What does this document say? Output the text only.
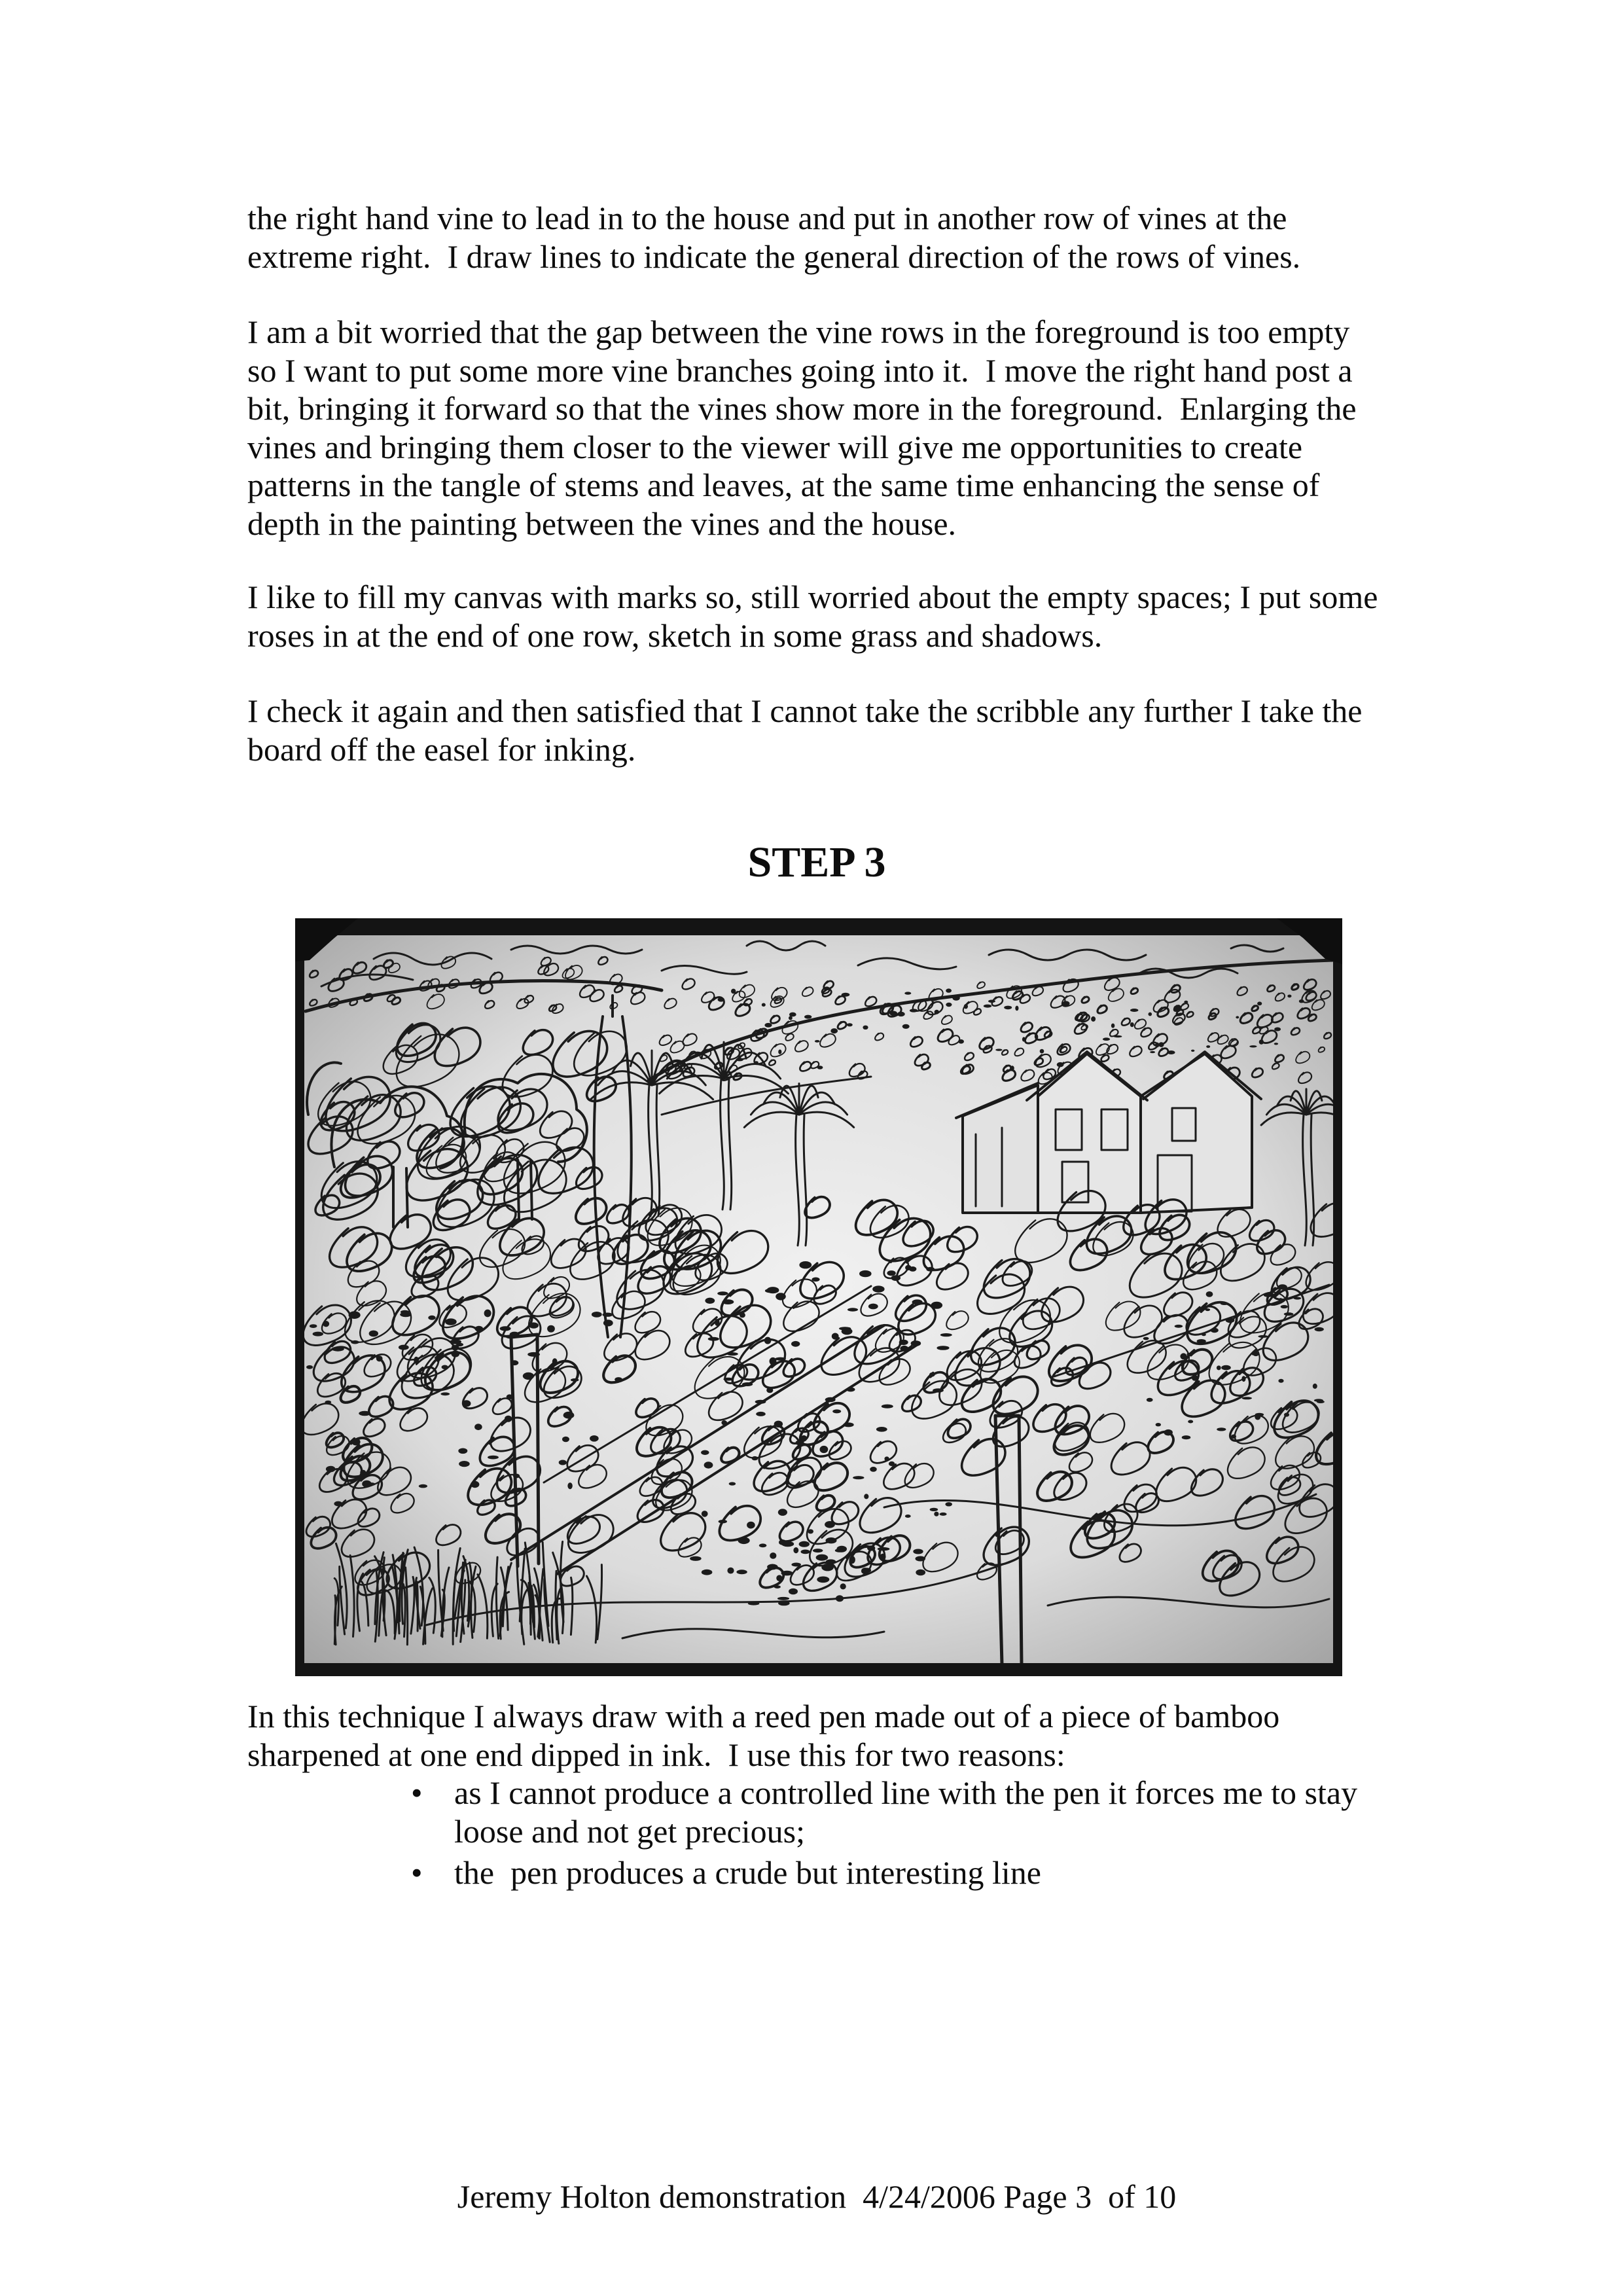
the right hand vine to lead in to the house and put in another row of vines at the
extreme right.  I draw lines to indicate the general direction of the rows of vines.
I am a bit worried that the gap between the vine rows in the foreground is too empty
so I want to put some more vine branches going into it.  I move the right hand post a
bit, bringing it forward so that the vines show more in the foreground.  Enlarging the
vines and bringing them closer to the viewer will give me opportunities to create
patterns in the tangle of stems and leaves, at the same time enhancing the sense of
depth in the painting between the vines and the house.
I like to fill my canvas with marks so, still worried about the empty spaces; I put some
roses in at the end of one row, sketch in some grass and shadows.
I check it again and then satisfied that I cannot take the scribble any further I take the
board off the easel for inking.
STEP 3
In this technique I always draw with a reed pen made out of a piece of bamboo
sharpened at one end dipped in ink.  I use this for two reasons:
• as I cannot produce a controlled line with the pen it forces me to stay
loose and not get precious;
• the  pen produces a crude but interesting line
Jeremy Holton demonstration  4/24/2006 Page 3  of 10
